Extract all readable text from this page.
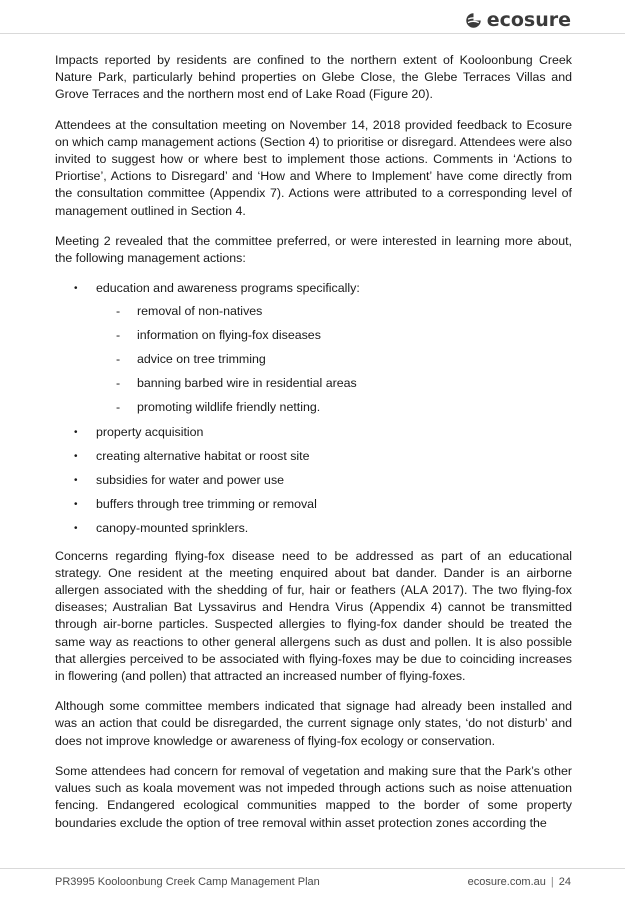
ecosure

Impacts reported by residents are confined to the northern extent of Kooloonbung Creek Nature Park, particularly behind properties on Glebe Close, the Glebe Terraces Villas and Grove Terraces and the northern most end of Lake Road (Figure 20).

Attendees at the consultation meeting on November 14, 2018 provided feedback to Ecosure on which camp management actions (Section 4) to prioritise or disregard. Attendees were also invited to suggest how or where best to implement those actions. Comments in ‘Actions to Priortise’, Actions to Disregard’ and ‘How and Where to Implement’ have come directly from the consultation committee (Appendix 7). Actions were attributed to a corresponding level of management outlined in Section 4.

Meeting 2 revealed that the committee preferred, or were interested in learning more about, the following management actions:

• education and awareness programs specifically:
- removal of non-natives
- information on flying-fox diseases
- advice on tree trimming
- banning barbed wire in residential areas
- promoting wildlife friendly netting.
• property acquisition
• creating alternative habitat or roost site
• subsidies for water and power use
• buffers through tree trimming or removal
• canopy-mounted sprinklers.

Concerns regarding flying-fox disease need to be addressed as part of an educational strategy. One resident at the meeting enquired about bat dander. Dander is an airborne allergen associated with the shedding of fur, hair or feathers (ALA 2017). The two flying-fox diseases; Australian Bat Lyssavirus and Hendra Virus (Appendix 4) cannot be transmitted through air-borne particles. Suspected allergies to flying-fox dander should be treated the same way as reactions to other general allergens such as dust and pollen. It is also possible that allergies perceived to be associated with flying-foxes may be due to coinciding increases in flowering (and pollen) that attracted an increased number of flying-foxes.

Although some committee members indicated that signage had already been installed and was an action that could be disregarded, the current signage only states, ‘do not disturb’ and does not improve knowledge or awareness of flying-fox ecology or conservation.

Some attendees had concern for removal of vegetation and making sure that the Park’s other values such as koala movement was not impeded through actions such as noise attenuation fencing. Endangered ecological communities mapped to the border of some property boundaries exclude the option of tree removal within asset protection zones according the

PR3995 Kooloonbung Creek Camp Management Plan	ecosure.com.au | 24
